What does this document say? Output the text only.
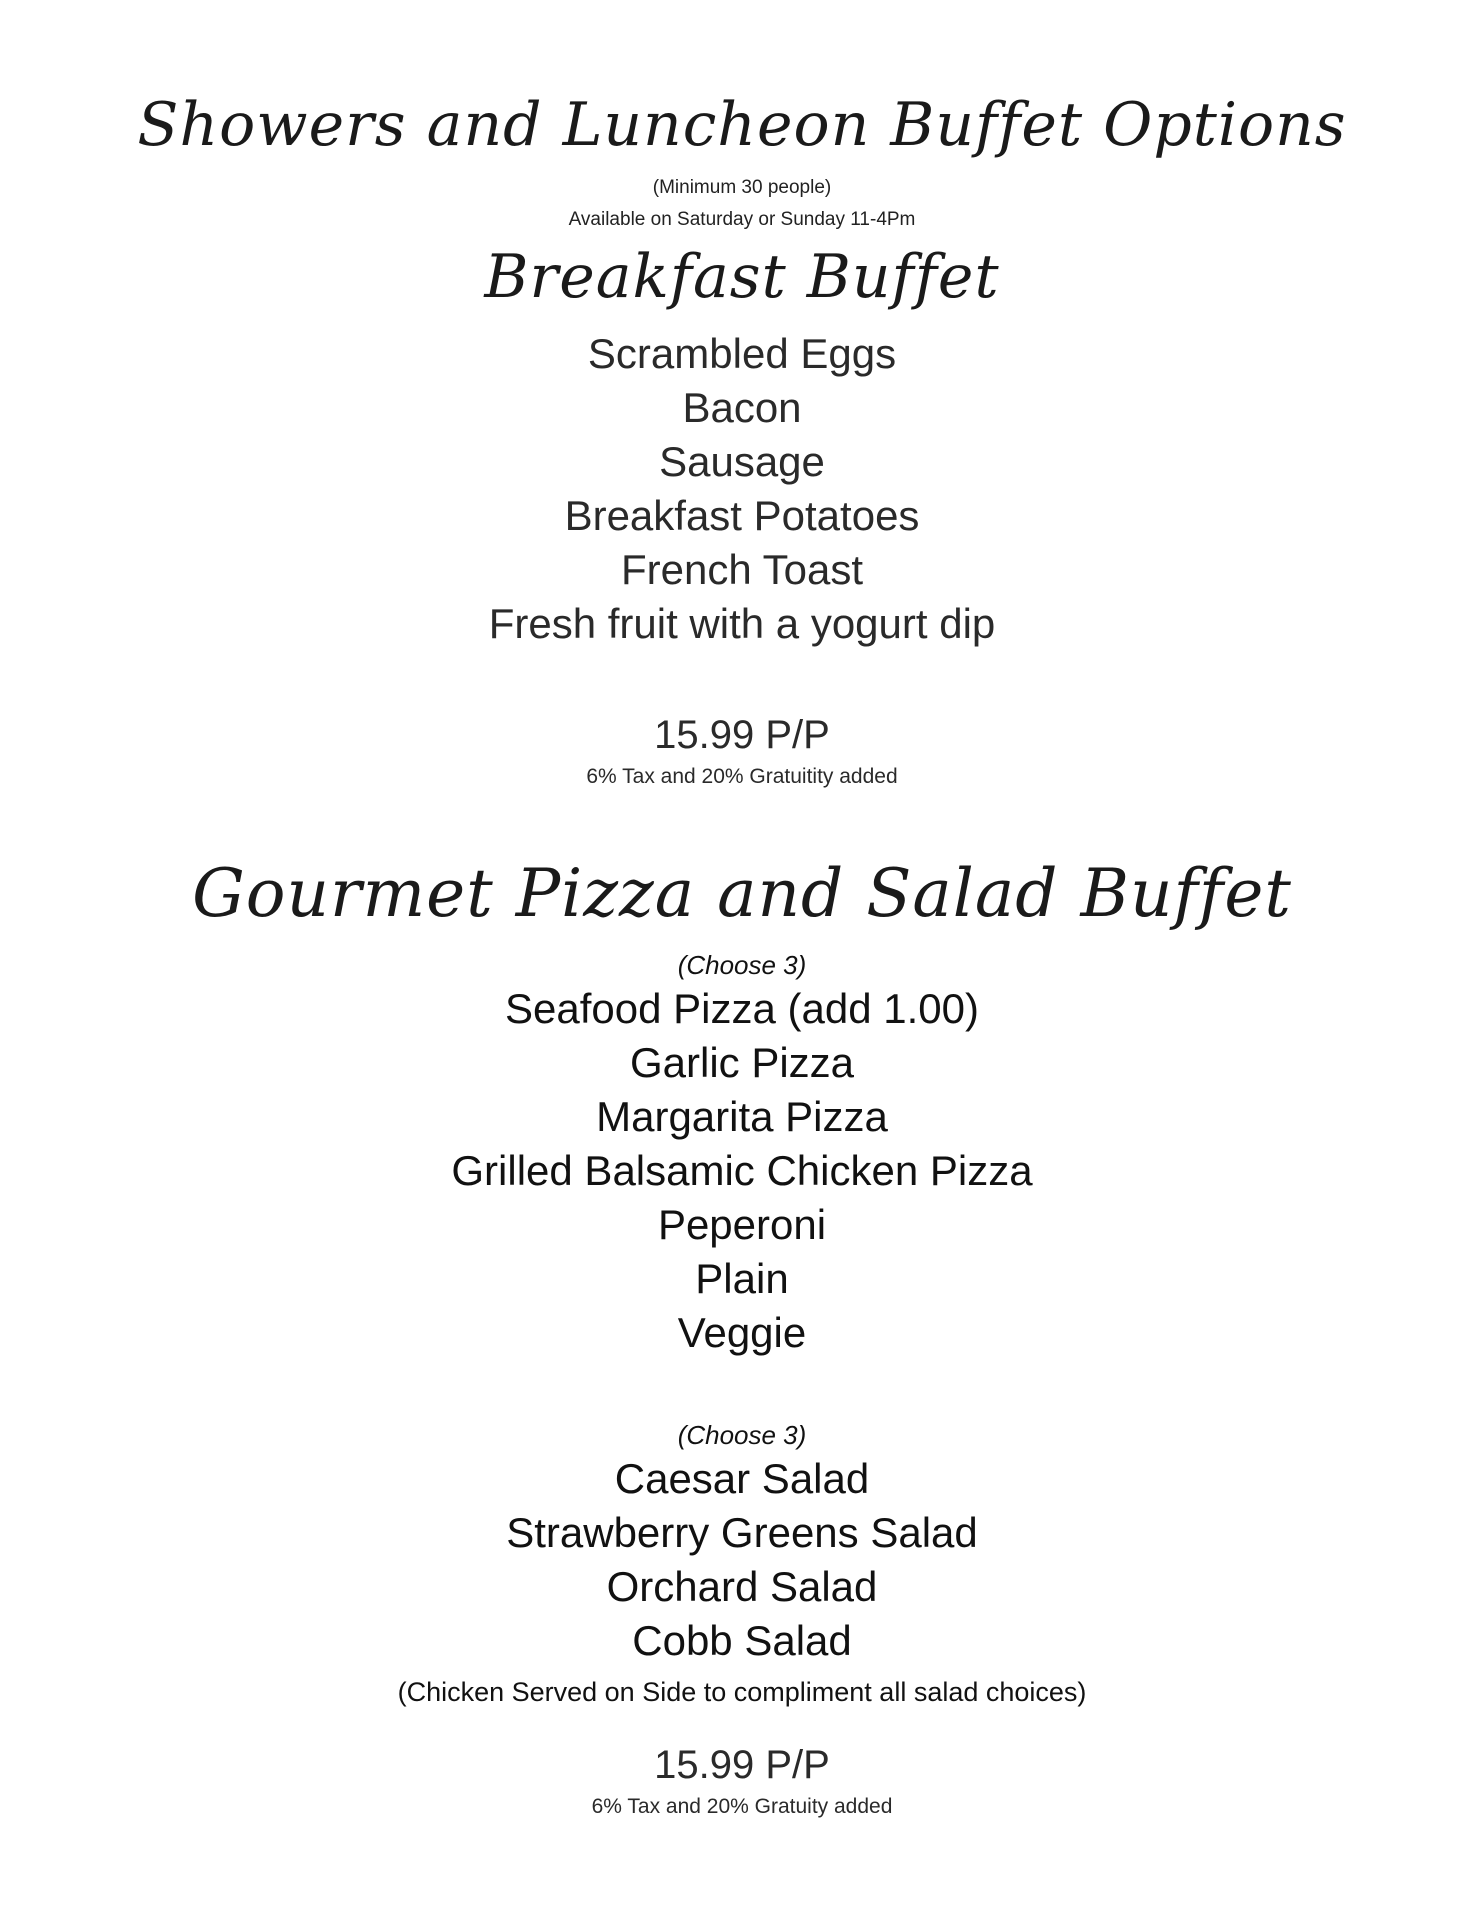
Showers and Luncheon Buffet Options
(Minimum 30 people)
Available on Saturday or Sunday 11-4Pm
Breakfast Buffet
Scrambled Eggs
Bacon
Sausage
Breakfast Potatoes
French Toast
Fresh fruit with a yogurt dip
15.99 P/P
6% Tax and 20% Gratuitity added
Gourmet Pizza and Salad Buffet
(Choose 3)
Seafood Pizza (add 1.00)
Garlic Pizza
Margarita Pizza
Grilled Balsamic Chicken Pizza
Peperoni
Plain
Veggie
(Choose 3)
Caesar Salad
Strawberry Greens Salad
Orchard Salad
Cobb Salad
(Chicken Served on Side to compliment all salad choices)
15.99 P/P
6% Tax and 20% Gratuity added
